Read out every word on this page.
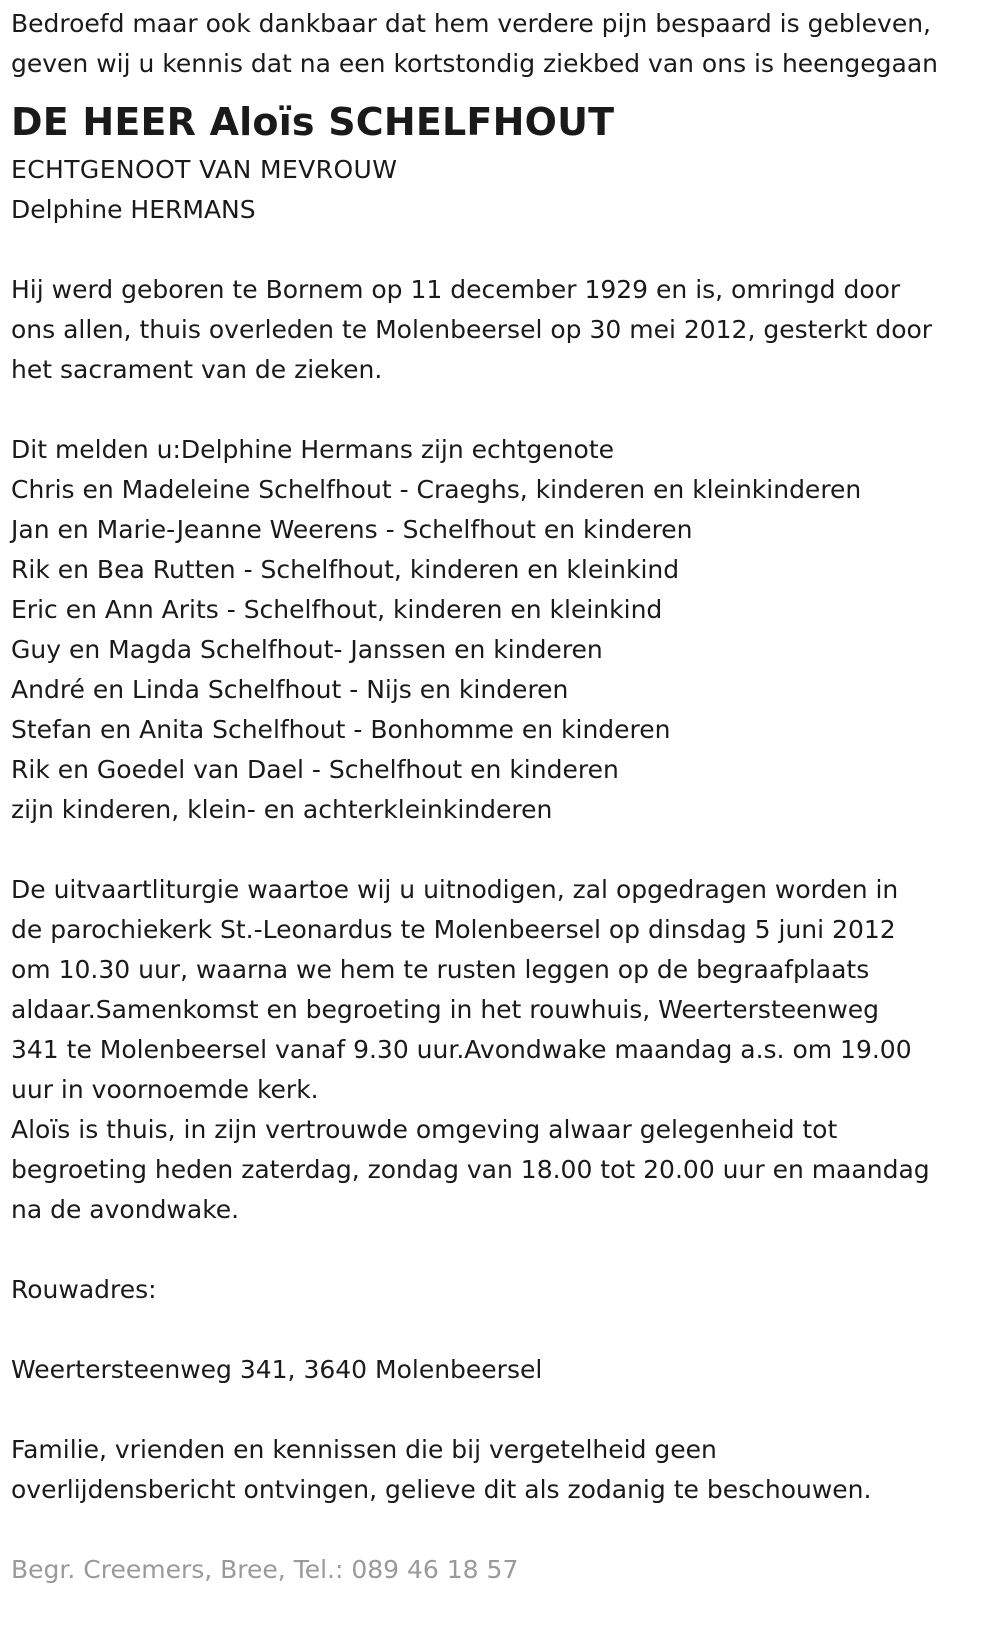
Bedroefd maar ook dankbaar dat hem verdere pijn bespaard is gebleven,
geven wij u kennis dat na een kortstondig ziekbed van ons is heengegaan
DE HEER Aloïs SCHELFHOUT
ECHTGENOOT VAN MEVROUW
Delphine HERMANS
Hij werd geboren te Bornem op 11 december 1929 en is, omringd door
ons allen, thuis overleden te Molenbeersel op 30 mei 2012, gesterkt door
het sacrament van de zieken.
Dit melden u:Delphine Hermans zijn echtgenote
Chris en Madeleine Schelfhout - Craeghs, kinderen en kleinkinderen
Jan en Marie-Jeanne Weerens - Schelfhout en kinderen
Rik en Bea Rutten - Schelfhout, kinderen en kleinkind
Eric en Ann Arits - Schelfhout, kinderen en kleinkind
Guy en Magda Schelfhout- Janssen en kinderen
André en Linda Schelfhout - Nijs en kinderen
Stefan en Anita Schelfhout - Bonhomme en kinderen
Rik en Goedel van Dael - Schelfhout en kinderen
zijn kinderen, klein- en achterkleinkinderen
De uitvaartliturgie waartoe wij u uitnodigen, zal opgedragen worden in
de parochiekerk St.-Leonardus te Molenbeersel op dinsdag 5 juni 2012
om 10.30 uur, waarna we hem te rusten leggen op de begraafplaats
aldaar.Samenkomst en begroeting in het rouwhuis, Weertersteenweg
341 te Molenbeersel vanaf 9.30 uur.Avondwake maandag a.s. om 19.00
uur in voornoemde kerk.
Aloïs is thuis, in zijn vertrouwde omgeving alwaar gelegenheid tot
begroeting heden zaterdag, zondag van 18.00 tot 20.00 uur en maandag
na de avondwake.
Rouwadres:
Weertersteenweg 341, 3640 Molenbeersel
Familie, vrienden en kennissen die bij vergetelheid geen
overlijdensbericht ontvingen, gelieve dit als zodanig te beschouwen.
Begr. Creemers, Bree, Tel.: 089 46 18 57
